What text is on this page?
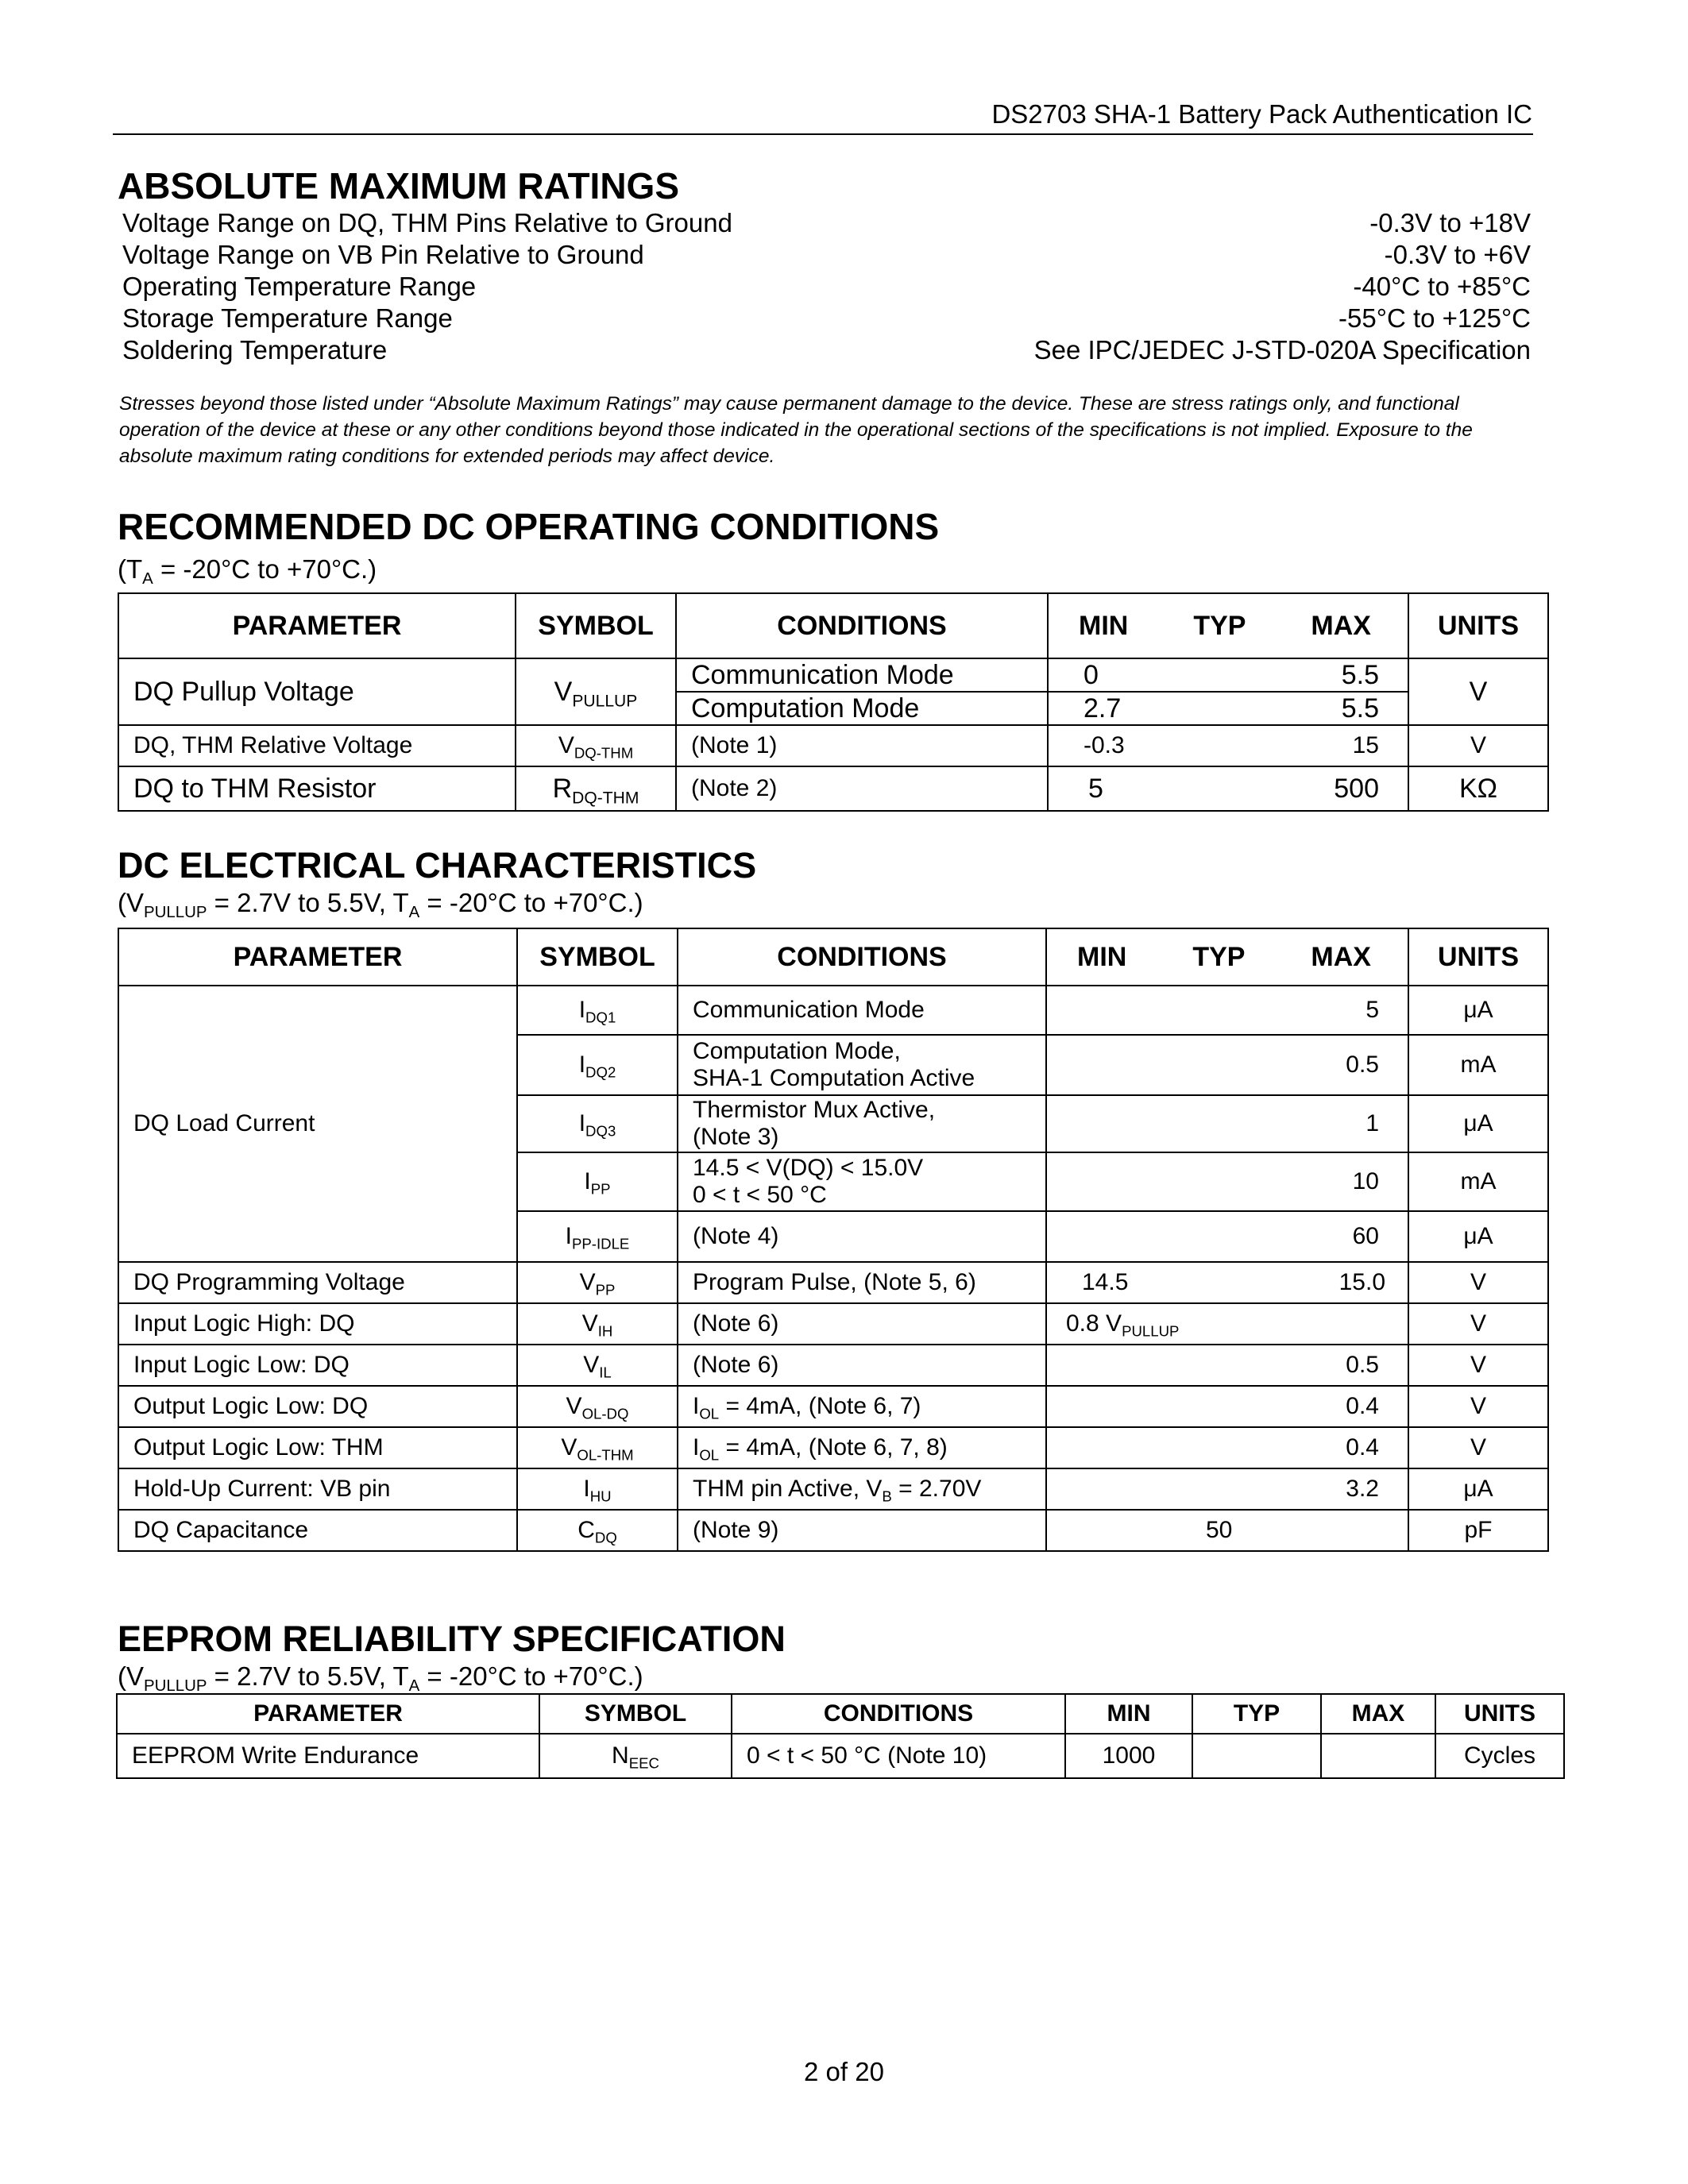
DS2703 SHA-1 Battery Pack Authentication IC
ABSOLUTE MAXIMUM RATINGS
Voltage Range on DQ, THM Pins Relative to Ground	-0.3V to +18V
Voltage Range on VB Pin Relative to Ground	-0.3V to +6V
Operating Temperature Range	-40°C to +85°C
Storage Temperature Range	-55°C to +125°C
Soldering Temperature	See IPC/JEDEC J-STD-020A Specification
Stresses beyond those listed under “Absolute Maximum Ratings” may cause permanent damage to the device. These are stress ratings only, and functional operation of the device at these or any other conditions beyond those indicated in the operational sections of the specifications is not implied. Exposure to the absolute maximum rating conditions for extended periods may affect device.
RECOMMENDED DC OPERATING CONDITIONS
($T_A = -20^\circ C$ to +70°C.)
PARAMETER	SYMBOL	CONDITIONS	MIN TYP MAX	UNITS
DQ Pullup Voltage	$V_{PULLUP}$	Communication Mode	0 5.5	V
		Computation Mode	2.7 5.5	

DQ, THM Relative Voltage	$V_{DQ-THM}$	(Note 1)	-0.3 15	V
DQ to THM Resistor	$R_{DQ-THM}$	(Note 2)	5 500	KΩ
DC ELECTRICAL CHARACTERISTICS
($V_{PULLUP} = 2.7V$ to 5.5V, $T_A = -20^\circ C$ to +70°C.)
PARAMETER	SYMBOL	CONDITIONS	MIN TYP MAX	UNITS
DQ Load Current	$I_{DQ1}$	Communication Mode	5	μA
	$I_{DQ2}$	Computation Mode,
SHA-1 Computation Active	0.5	mA
	$I_{DQ3}$	Thermistor Mux Active,
(Note 3)	1	μA
	$I_{PP}$	14.5 < V(DQ) < 15.0V
0 < t < 50 °C	10	mA
	$I_{PP-IDLE}$	(Note 4)	60	μA
DQ Programming Voltage	$V_{PP}$	Program Pulse, (Note 5, 6)	14.5 15.0	V
Input Logic High: DQ	$V_{IH}$	(Note 6)	0.8 $V_{PULLUP}$	V
Input Logic Low: DQ	$V_{IL}$	(Note 6)	0.5	V
Output Logic Low: DQ	$V_{OL-DQ}$	$I_{OL} = 4mA$, (Note 6, 7)	0.4	V
Output Logic Low: THM	$V_{OL-THM}$	$I_{OL} = 4mA$, (Note 6, 7, 8)	0.4	V
Hold-Up Current: VB pin	$I_{HU}$	THM pin Active, $V_B = 2.70V$	3.2	μA
DQ Capacitance	$C_{DQ}$	(Note 9)	50	pF
EEPROM RELIABILITY SPECIFICATION
($V_{PULLUP} = 2.7V$ to 5.5V, $T_A = -20^\circ C$ to +70°C.)
PARAMETER	SYMBOL	CONDITIONS	MIN	TYP	MAX	UNITS
EEPROM Write Endurance	$N_{EEC}$	0 < t < 50 °C (Note 10)	1000			Cycles
2 of 20
